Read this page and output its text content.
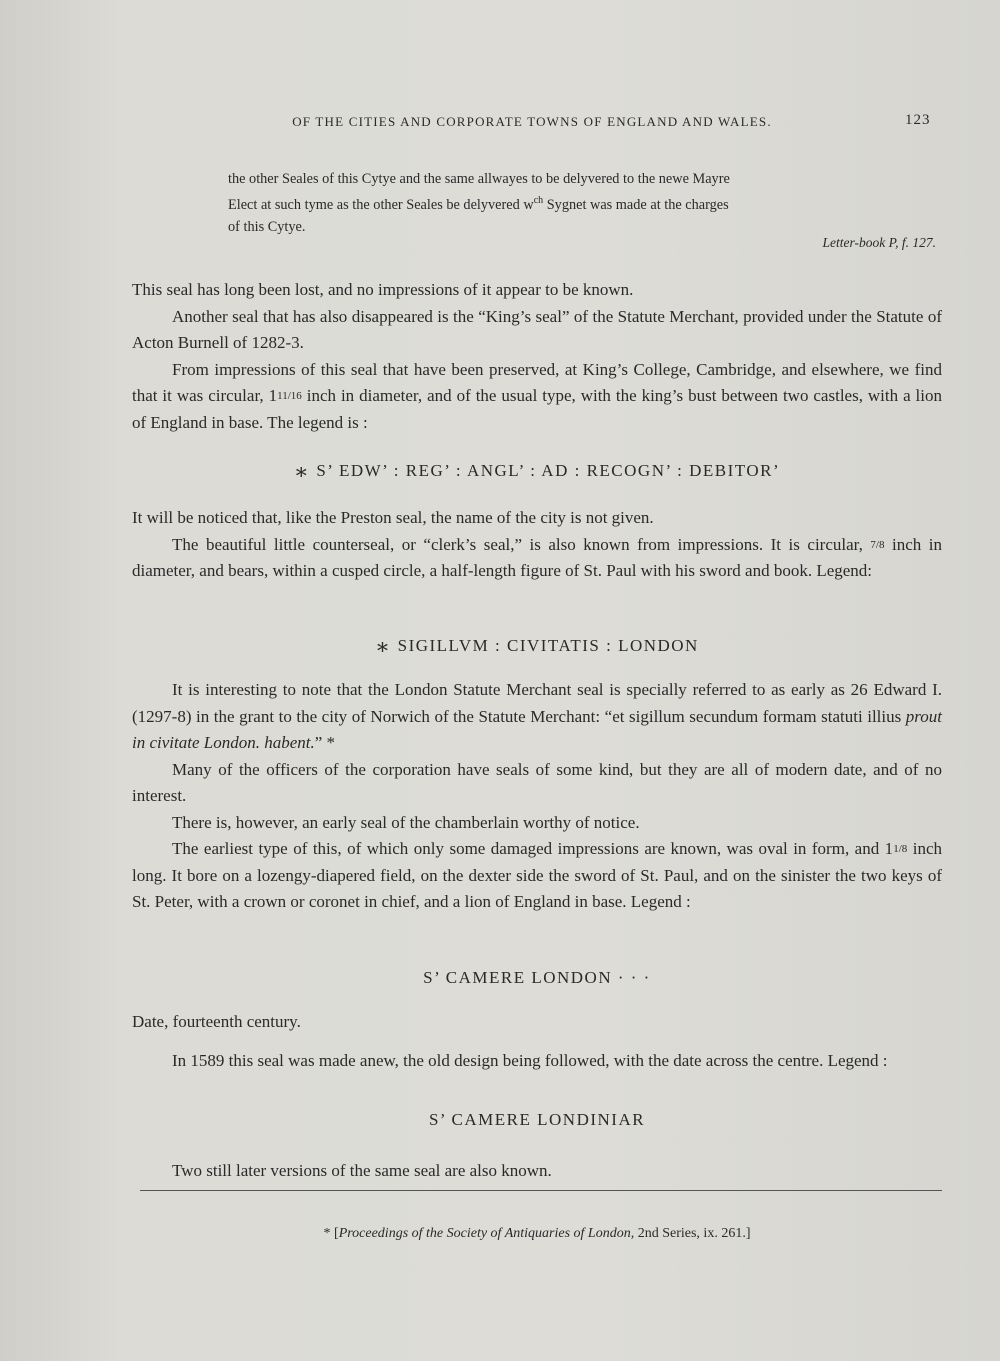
OF THE CITIES AND CORPORATE TOWNS OF ENGLAND AND WALES.	123

the other Seales of this Cytye and the same allwayes to be delyvered to the newe Mayre

Elect at such tyme as the other Seales be delyvered $w^{ch}$ Sygnet was made at the charges

of this Cytye.

Letter-book P, f. 127.

This seal has long been lost, and no impressions of it appear to be known.

Another seal that has also disappeared is the “King’s seal” of the Statute Merchant, provided under the Statute of Acton Burnell of 1282-3.

From impressions of this seal that have been preserved, at King’s College, Cambridge, and elsewhere, we find that it was circular, 111/16 inch in diameter, and of the usual type, with the king’s bust between two castles, with a lion of England in base. The legend is :

∗ S’ EDW’ : REG’ : ANGL’ : AD : RECOGN’ : DEBITOR’

It will be noticed that, like the Preston seal, the name of the city is not given.

The beautiful little counterseal, or “clerk’s seal,” is also known from impressions. It is circular, 7/8 inch in diameter, and bears, within a cusped circle, a half-length figure of St. Paul with his sword and book. Legend:

∗ SIGILLVM : CIVITATIS : LONDON

It is interesting to note that the London Statute Merchant seal is specially referred to as early as 26 Edward I. (1297-8) in the grant to the city of Norwich of the Statute Merchant: “et sigillum secundum formam statuti illius prout in civitate London. habent.” *

Many of the officers of the corporation have seals of some kind, but they are all of modern date, and of no interest.

There is, however, an early seal of the chamberlain worthy of notice.

The earliest type of this, of which only some damaged impressions are known, was oval in form, and 11/8 inch long. It bore on a lozengy-diapered field, on the dexter side the sword of St. Paul, and on the sinister the two keys of St. Peter, with a crown or coronet in chief, and a lion of England in base. Legend :

S’ CAMERE LONDON · · ·
Date, fourteenth century.

In 1589 this seal was made anew, the old design being followed, with the date across the centre. Legend :

S’ CAMERE LONDINIAR

Two still later versions of the same seal are also known.

* [Proceedings of the Society of Antiquaries of London, 2nd Series, ix. 261.]
